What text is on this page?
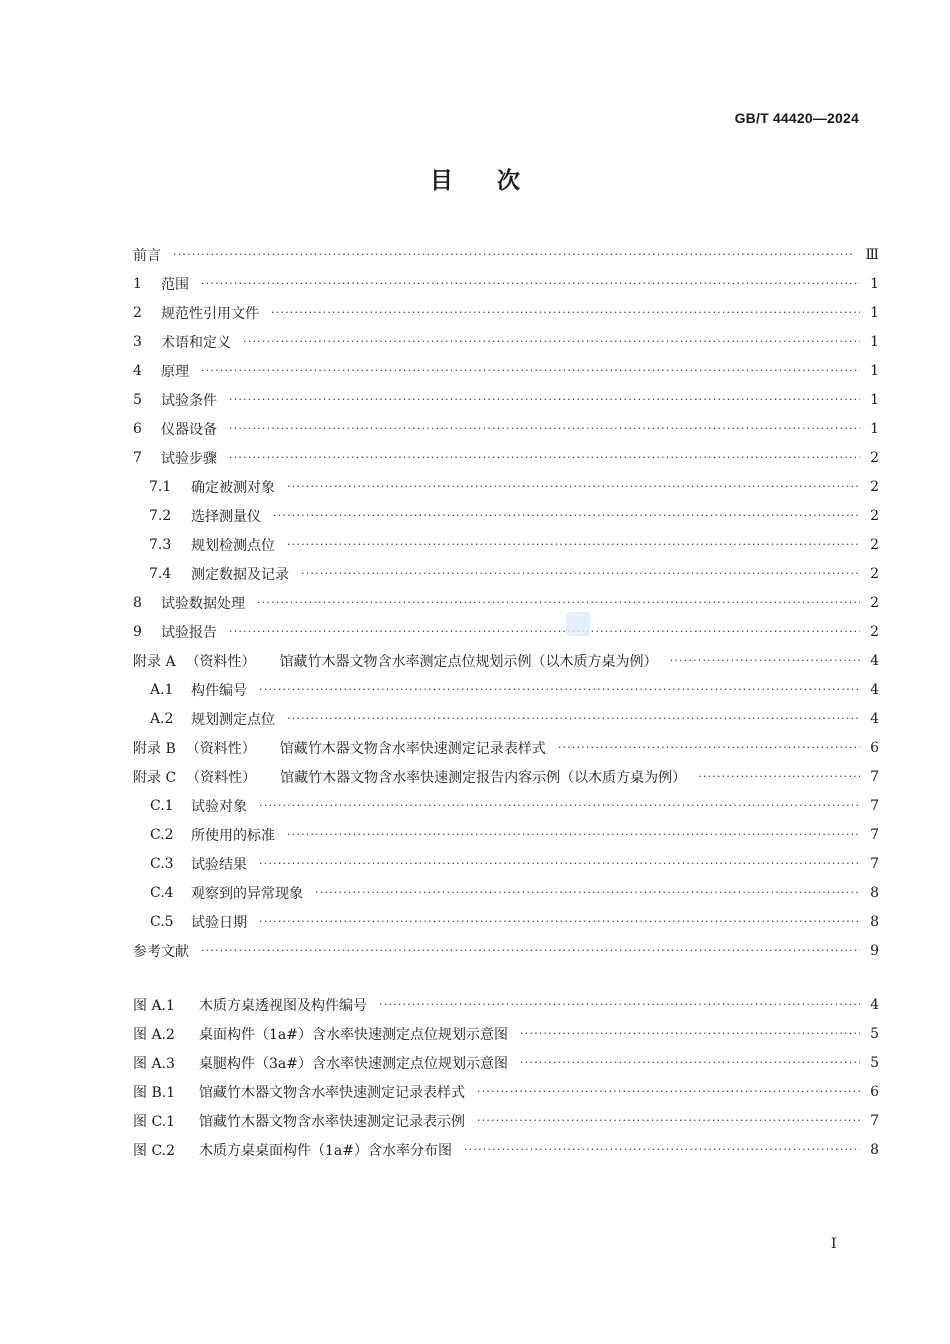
GB/T 44420—2024
目次
前言 ·····	Ⅲ
1	范围 ·····	1
2	规范性引用文件 ·····	1
3	术语和定义 ·····	1
4	原理 ·····	1
5	试验条件 ·····	1
6	仪器设备 ·····	1
7	试验步骤 ·····	2
7.1	确定被测对象 ·····	2
7.2	选择测量仪 ·····	2
7.3	规划检测点位 ·····	2
7.4	测定数据及记录 ·····	2
8	试验数据处理 ·····	2
9	试验报告 ·····	2
附录 A （资料性） 馆藏竹木器文物含水率测定点位规划示例（以木质方桌为例） ·····	4
A.1	构件编号 ·····	4
A.2	规划测定点位 ·····	4
附录 B （资料性） 馆藏竹木器文物含水率快速测定记录表样式 ·····	6
附录 C （资料性） 馆藏竹木器文物含水率快速测定报告内容示例（以木质方桌为例） ·····	7
C.1	试验对象 ·····	7
C.2	所使用的标准 ·····	7
C.3	试验结果 ·····	7
C.4	观察到的异常现象 ·····	8
C.5	试验日期 ·····	8
参考文献 ·····	9
图 A.1	木质方桌透视图及构件编号 ·····	4
图 A.2	桌面构件（1a#）含水率快速测定点位规划示意图 ·····	5
图 A.3	桌腿构件（3a#）含水率快速测定点位规划示意图 ·····	5
图 B.1	馆藏竹木器文物含水率快速测定记录表样式 ·····	6
图 C.1	馆藏竹木器文物含水率快速测定记录表示例 ·····	7
图 C.2	木质方桌桌面构件（1a#）含水率分布图 ·····	8
I
